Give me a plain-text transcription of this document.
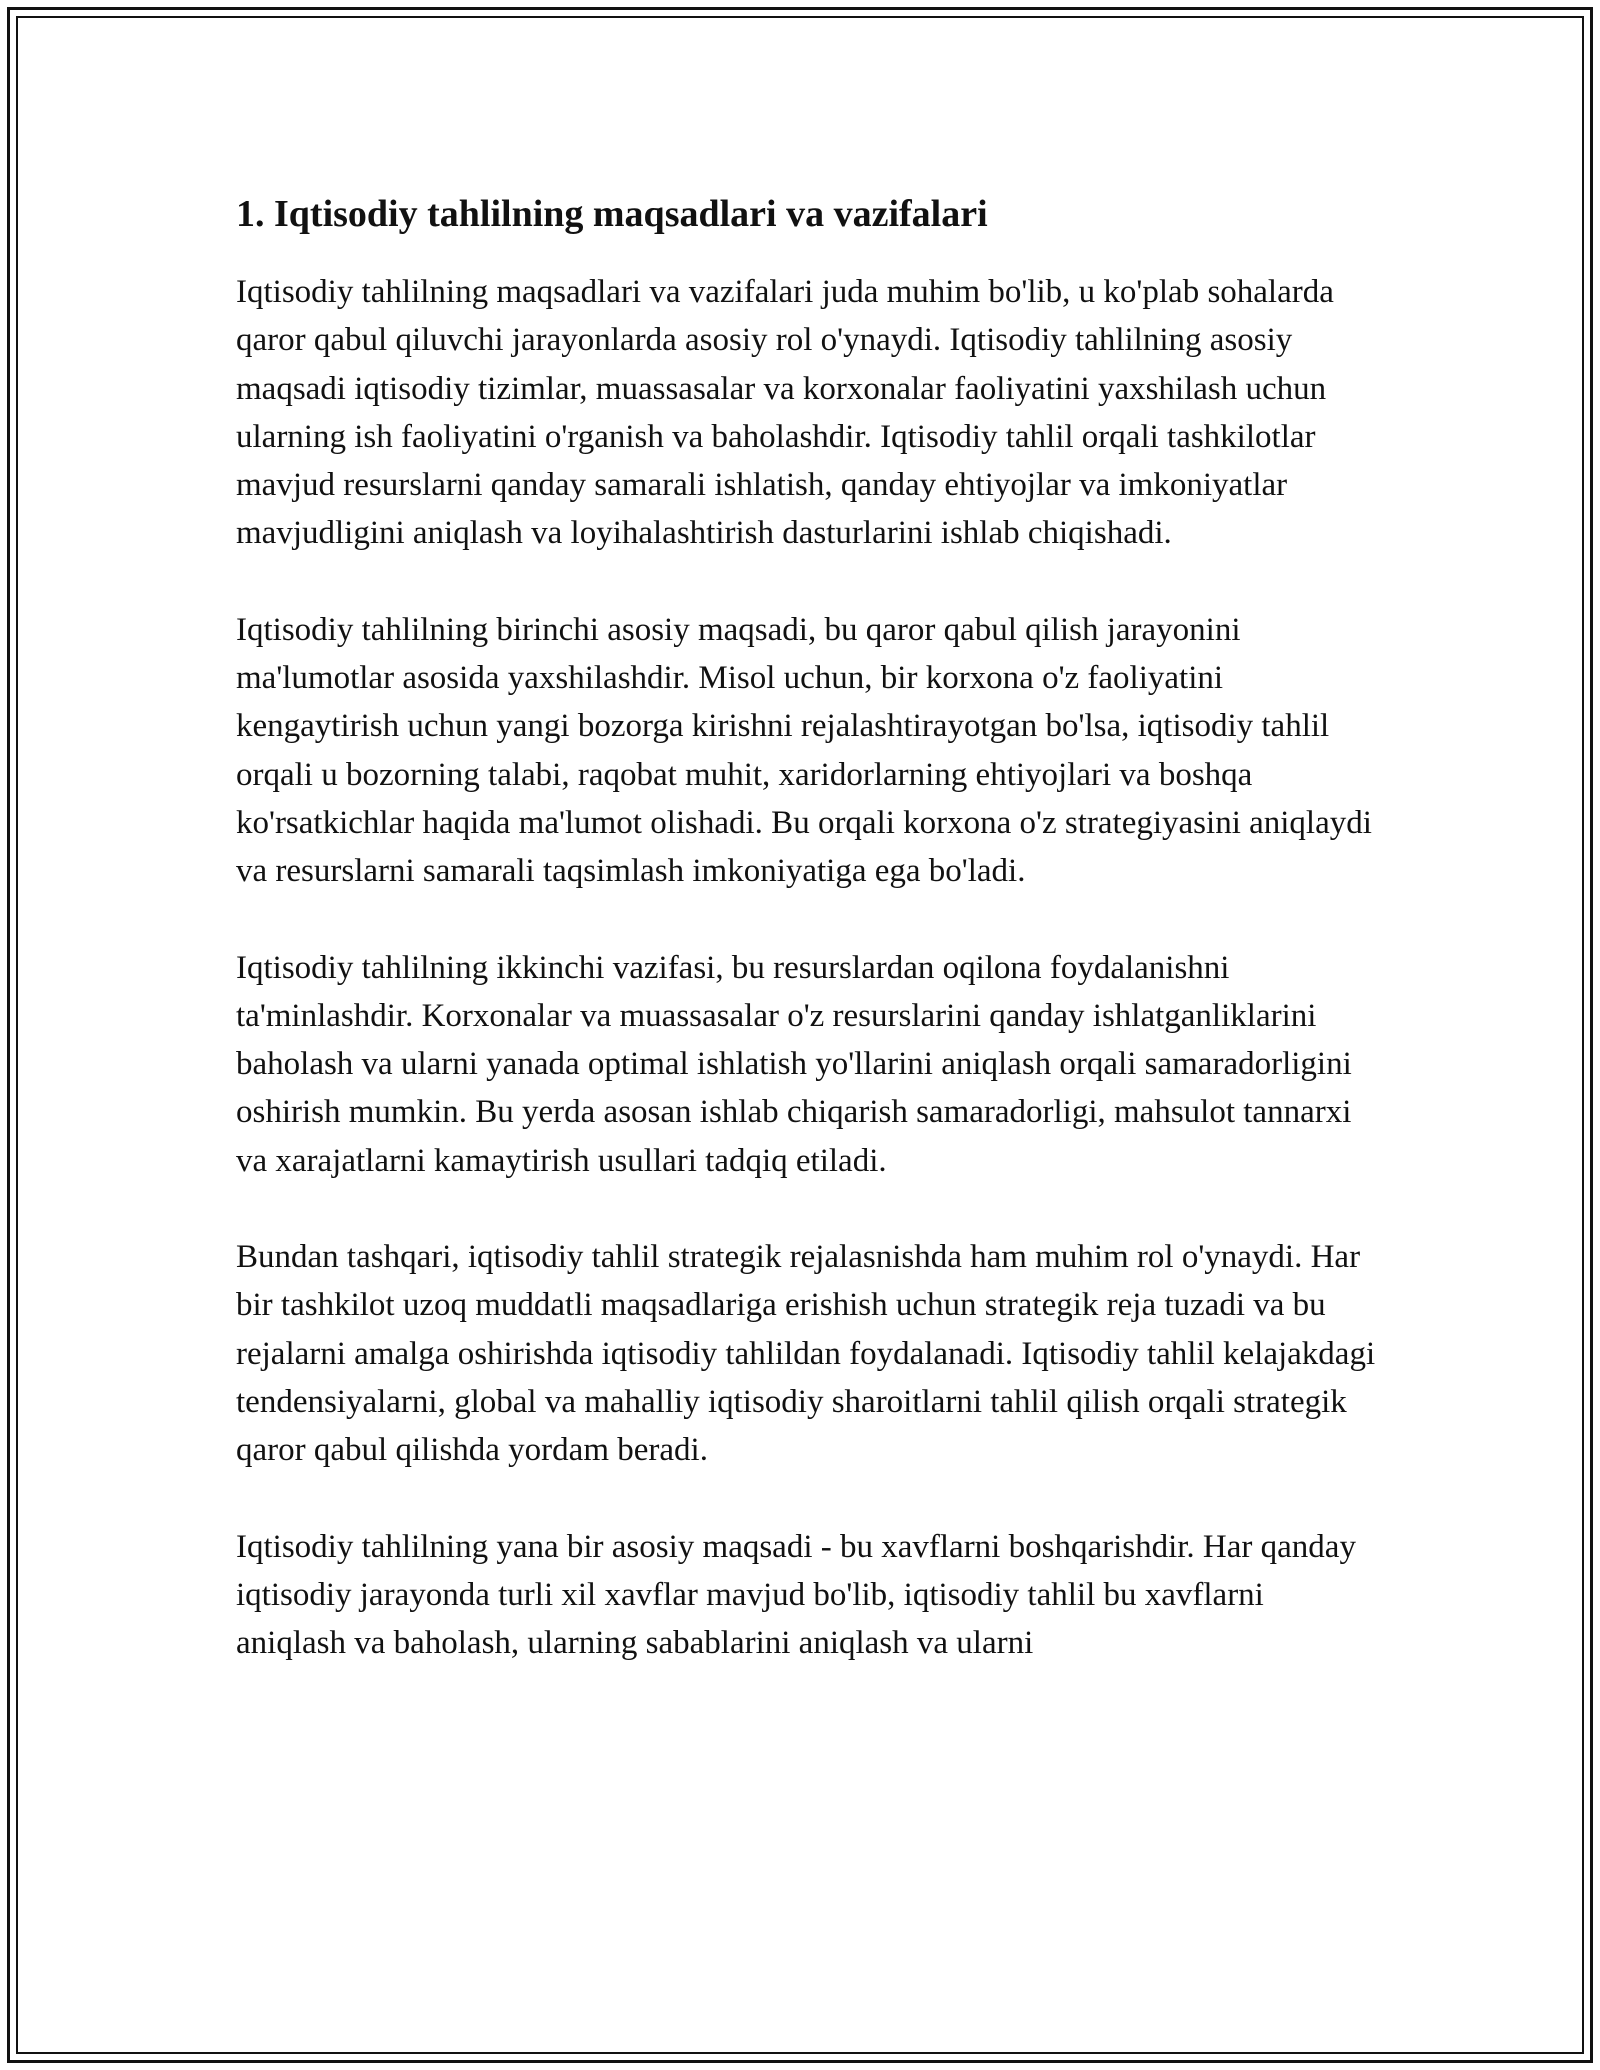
1. Iqtisodiy tahlilning maqsadlari va vazifalari

Iqtisodiy tahlilning maqsadlari va vazifalari juda muhim bo'lib, u ko'plab sohalarda qaror qabul qiluvchi jarayonlarda asosiy rol o'ynaydi. Iqtisodiy tahlilning asosiy maqsadi iqtisodiy tizimlar, muassasalar va korxonalar faoliyatini yaxshilash uchun ularning ish faoliyatini o'rganish va baholashdir. Iqtisodiy tahlil orqali tashkilotlar mavjud resurslarni qanday samarali ishlatish, qanday ehtiyojlar va imkoniyatlar mavjudligini aniqlash va loyihalashtirish dasturlarini ishlab chiqishadi.

Iqtisodiy tahlilning birinchi asosiy maqsadi, bu qaror qabul qilish jarayonini ma'lumotlar asosida yaxshilashdir. Misol uchun, bir korxona o'z faoliyatini kengaytirish uchun yangi bozorga kirishni rejalashtirayotgan bo'lsa, iqtisodiy tahlil orqali u bozorning talabi, raqobat muhit, xaridorlarning ehtiyojlari va boshqa ko'rsatkichlar haqida ma'lumot olishadi. Bu orqali korxona o'z strategiyasini aniqlaydi va resurslarni samarali taqsimlash imkoniyatiga ega bo'ladi.

Iqtisodiy tahlilning ikkinchi vazifasi, bu resurslardan oqilona foydalanishni ta'minlashdir. Korxonalar va muassasalar o'z resurslarini qanday ishlatganliklarini baholash va ularni yanada optimal ishlatish yo'llarini aniqlash orqali samaradorligini oshirish mumkin. Bu yerda asosan ishlab chiqarish samaradorligi, mahsulot tannarxi va xarajatlarni kamaytirish usullari tadqiq etiladi.

Bundan tashqari, iqtisodiy tahlil strategik rejalasnishda ham muhim rol o'ynaydi. Har bir tashkilot uzoq muddatli maqsadlariga erishish uchun strategik reja tuzadi va bu rejalarni amalga oshirishda iqtisodiy tahlildan foydalanadi. Iqtisodiy tahlil kelajakdagi tendensiyalarni, global va mahalliy iqtisodiy sharoitlarni tahlil qilish orqali strategik qaror qabul qilishda yordam beradi.

Iqtisodiy tahlilning yana bir asosiy maqsadi - bu xavflarni boshqarishdir. Har qanday iqtisodiy jarayonda turli xil xavflar mavjud bo'lib, iqtisodiy tahlil bu xavflarni aniqlash va baholash, ularning sabablarini aniqlash va ularni
